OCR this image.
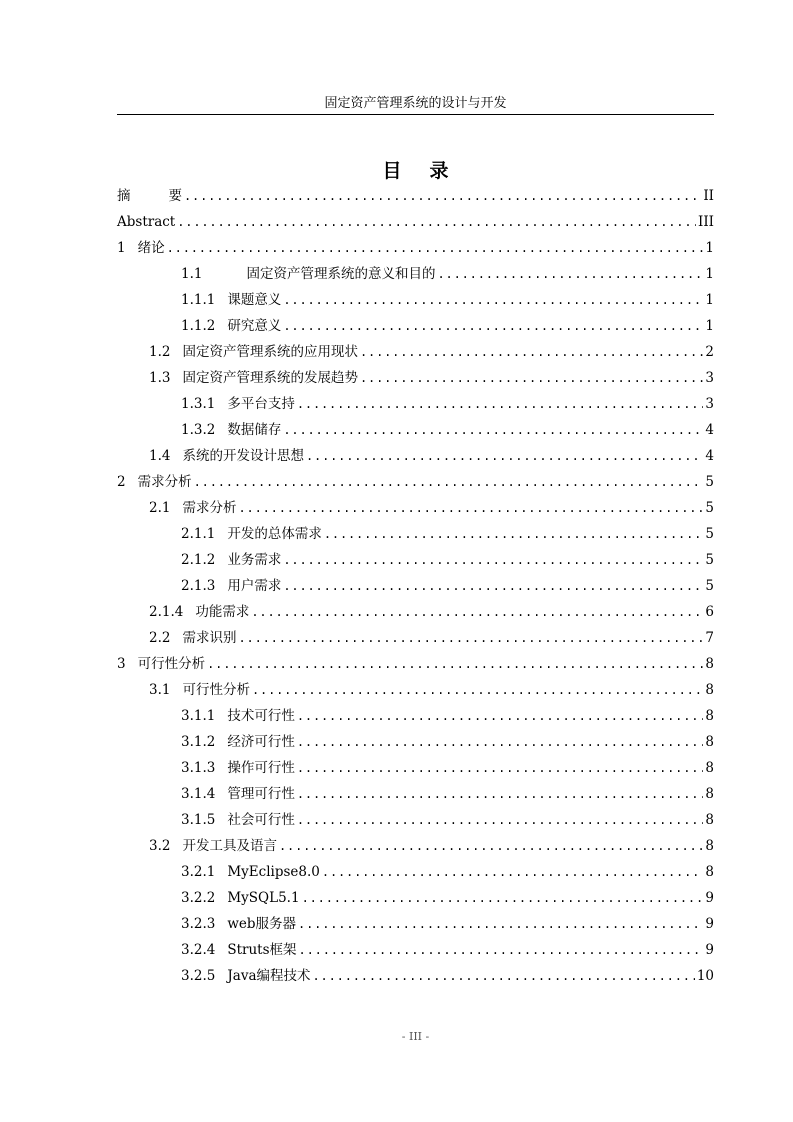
固定资产管理系统的设计与开发
目录
摘	要 . . .	II
Abstract . . .	III
1 绪论 . . .	1
1.1	固定资产管理系统的意义和目的 . . .	1
1.1.1 课题意义 . . .	1
1.1.2 研究意义 . . .	1
1.2 固定资产管理系统的应用现状 . . .	2
1.3 固定资产管理系统的发展趋势 . . .	3
1.3.1 多平台支持 . . .	3
1.3.2 数据储存 . . .	4
1.4 系统的开发设计思想 . . .	4
2 需求分析 . . .	5
2.1 需求分析 . . .	5
2.1.1 开发的总体需求 . . .	5
2.1.2 业务需求 . . .	5
2.1.3 用户需求 . . .	5
2.1.4 功能需求 . . .	6
2.2 需求识别 . . .	7
3 可行性分析 . . .	8
3.1 可行性分析 . . .	8
3.1.1 技术可行性 . . .	8
3.1.2 经济可行性 . . .	8
3.1.3 操作可行性 . . .	8
3.1.4 管理可行性 . . .	8
3.1.5 社会可行性 . . .	8
3.2 开发工具及语言 . . .	8
3.2.1 MyEclipse8.0 . . .	8
3.2.2 MySQL5.1 . . .	9
3.2.3 web服务器 . . .	9
3.2.4 Struts框架 . . .	9
3.2.5 Java编程技术 . . .	10
- III -
